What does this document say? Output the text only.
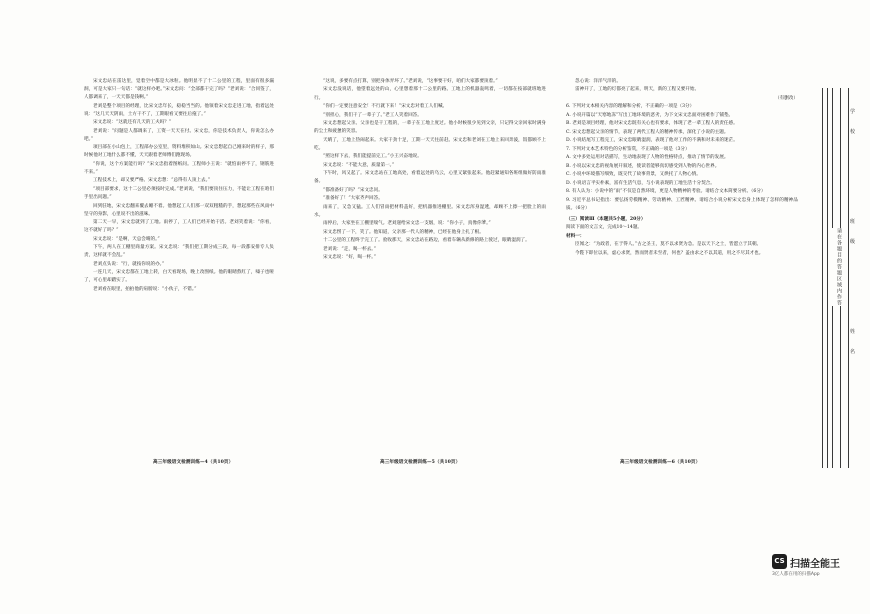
宋文忠站在雷达里，觉着空中都是大冰粒。他明显不了十二公里的工程，里面有很多漏洞，可是大家只一句话：“就这样办吧。”宋文忠问：“全部都干完了吗？”老刘说：“合同签了，人都调来了，一天天都是钱啊。”

老刘是整个项目的经理，比宋文忠年长，稳稳当当的。他领着宋文忠走进工地，指着远处说：“这几天天阴雨，土方干不了，工期眼看又要往后拖了。”

宋文忠说：“这就还有几天的工夫吗？”

老刘说：“问题是人都调来了，工资一天天在付。宋文忠，你是技术负责人，你说怎么办吧。”

项目部在小山包上，工程部办公室里，资料堆积如山。宋文忠想起自己刚来时的样子，那时候他对工地什么都不懂，天天跟着老师傅们跑现场。

“你说，这个方案能行吗？”宋文忠指着图纸问。工程师小王说：“就怕雨停不了，钢筋进不来。”

工程技术上，却又要严格。宋文忠想：“总得有人顶上去。”

“项目部要求，这十二公里必须按时完成。”老刘说，“我们要顶住压力，不能让工程在咱们手里出问题。”

回到驻地，宋文忠翻来覆去睡不着。他想起工人们那一双双粗糙的手，想起那些在风雨中坚守的身影，心里说不出的滋味。

第二天一早，宋文忠就到了工地。雨停了，工人们已经开始干活。老刘笑着说：“你看，这不就好了吗？”

宋文忠说：“是啊，天总会晴的。”

下午，两人在工棚里商量方案。宋文忠说：“我们把工期分成三段，每一段都安排专人负责，这样就不会乱。”

老刘点头说：“行，就按你说的办。”

一连几天，宋文忠都在工地上转，白天看现场，晚上改图纸。他的眼睛熬红了，嗓子也哑了，可心里却踏实了。

老刘看在眼里，拍拍他的肩膀说：“小伙子，不错。”

“这说，多要有点打算，别把身体弄坏了。”老刘说，“这事要干好，咱们大家都要顶着。”

宋文忠没说话，他望着远处的山，心里想着那十二公里的路。工地上的机器轰鸣着，一切都在按部就班地进行。

“你们一定要注意安全！不行就下来！”宋文忠对着工人们喊。

“别担心，我们干了一辈子了。”老工人笑着回答。

宋文忠想起父亲。父亲也是干工程的，一辈子在工地上度过。他小时候很少见到父亲，只记得父亲回家时满身的尘土和疲惫的笑容。

天晴了，工地上热闹起来。大家干劲十足，工期一天天往前赶。宋文忠和老刘在工地上来回奔波，饭都顾不上吃。

“照这样下去，我们能提前完工。”小王兴奋地说。

宋文忠说：“不能大意，质量第一。”

下午时，风又起了。宋文忠站在工地高处，看着远处的乌云，心里又紧张起来。他赶紧通知各班组做好防雨准备。

“都准备好了吗？”宋文忠问。

“准备好了！”大家齐声回答。

雨来了，又急又猛。工人们冒雨把材料盖好，把机器推进棚里。宋文忠浑身湿透，却顾不上擦一把脸上的雨水。

雨停后，大家坐在工棚里喘气。老刘递给宋文忠一支烟，说：“你小子，真像你爹。”

宋文忠愣了一下，笑了。他知道，父亲那一代人的精神，已经在他身上扎了根。

十二公里的工程终于完工了。验收那天，宋文忠站在路边，看着车辆从新修的路上驶过，眼睛湿润了。

老刘说：“走，喝一杯去。”

宋文忠说：“好，喝一杯。”

忽心说：洋洋气洋的。

雷神开了，工地的灯都亮了起来，明天，新的工程又要开始。

（有删改）

6. 下列对文本相关内容的理解和分析，不正确的一项是（3分）

A. 小说开篇以“天寒地冻”写出工地环境的恶劣，为下文宋文忠面对困难作了铺垫。

B. 老刘是项目经理，他对宋文忠既有关心也有要求，体现了老一辈工程人的责任感。

C. 宋文忠想起父亲的情节，表现了两代工程人的精神传承，深化了小说的主题。

D. 小说结尾写工程完工，宋文忠眼睛湿润，表现了他对工作的不满和对未来的迷茫。

7. 下列对文本艺术特色的分析鉴赏，不正确的一项是（3分）

A. 文中多处运用对话描写，生动地表现了人物的性格特点，推动了情节的发展。

B. 小说以宋文忠的视角展开叙述，使读者能够真切感受到人物的内心世界。

C. 小说中环境描写细致，既交代了故事背景，又烘托了人物心情。

D. 小说语言平实朴素，富有生活气息，与小说表现的工地生活十分契合。

8. 有人认为：小说中的“雨”不仅是自然环境，更是人物精神的考验。请结合文本简要分析。（6分）

9. 习近平总书记指出：要弘扬劳模精神、劳动精神、工匠精神。请结合小说分析宋文忠身上体现了怎样的精神品质。（6分）

（三）阅读Ⅲ（本题共5小题，20分）

阅读下面的文言文，完成10～14题。

材料一：

臣闻之：“为政者，在于得人。”古之圣王，莫不以求贤为急。是以天下之士，皆愿立于其朝。

今陛下即位以来，虚心求贤，然而贤者未至者，何也？盖由求之不以其道，用之不尽其才也。

高三年级语文检测训练—4（共10页）	高三年级语文检测训练—5（共10页）	高三年级语文检测训练—6（共10页）
请在各题目的答题区域内作答
学
校
班
级
姓
名
CS 扫描全能王
3亿人都在用的扫描App
